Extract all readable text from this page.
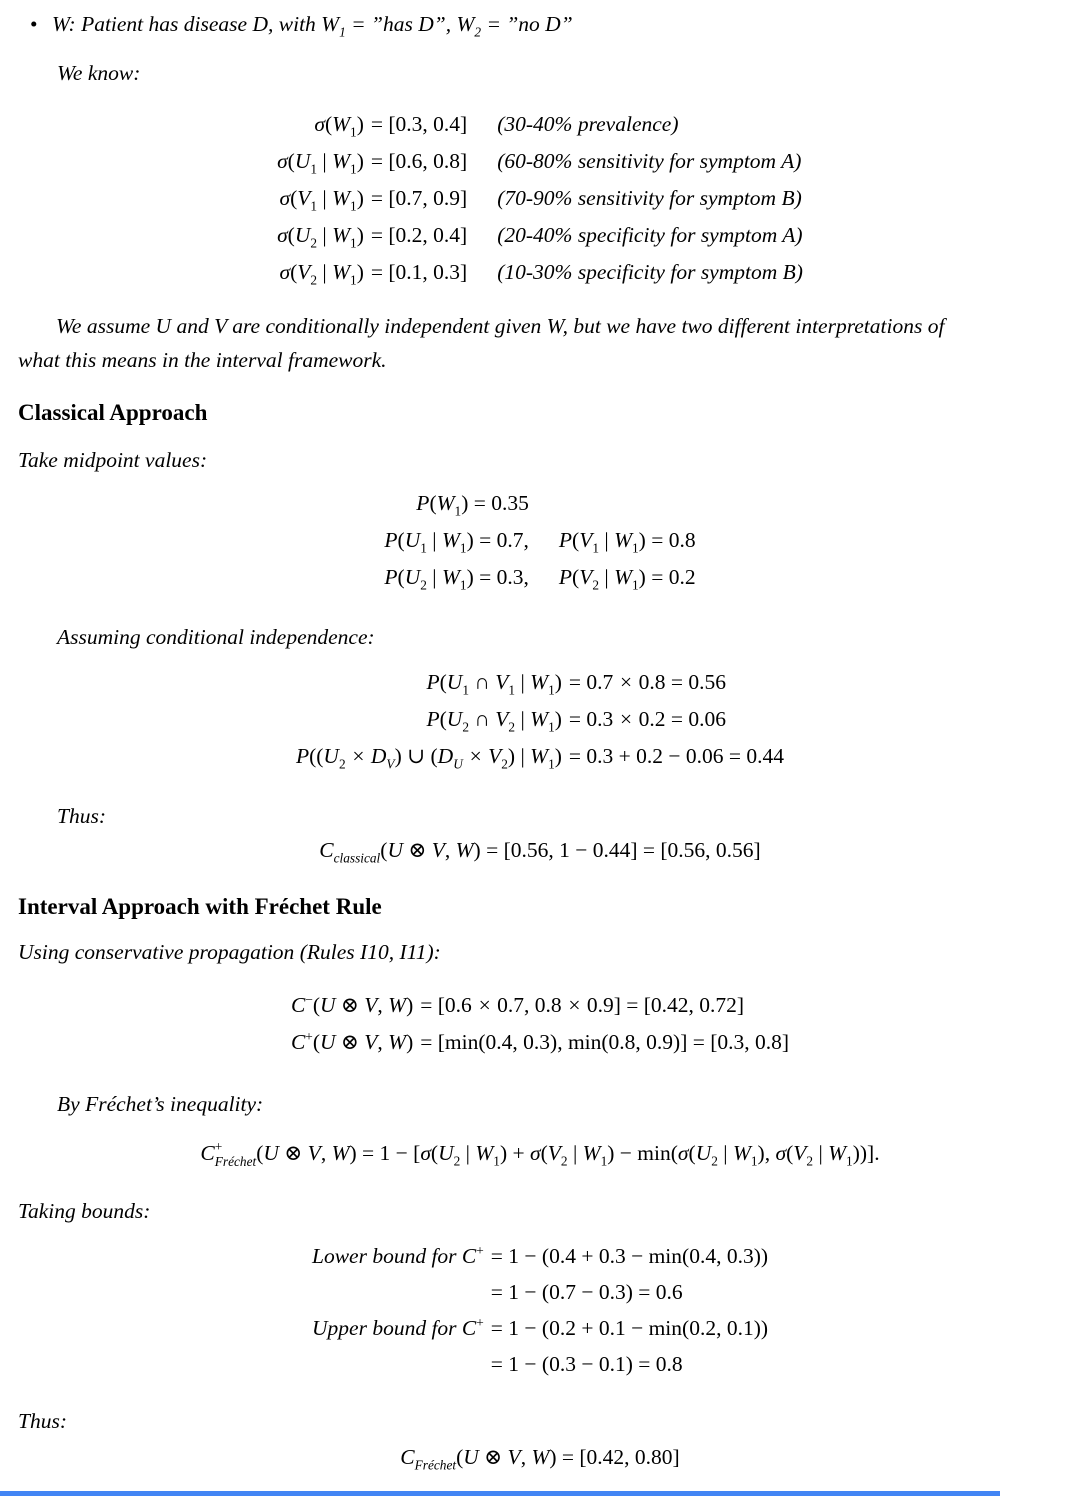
• W: Patient has disease D, with $W_1$ = ”has D”, $W_2$ = ”no D”

We know:

$\sigma(W_1)$	= [0.3, 0.4]	(30-40% prevalence)
$\sigma(U_1$ | $W_1$)	= [0.6, 0.8]	(60-80% sensitivity for symptom A)
$\sigma(V_1$ | $W_1$)	= [0.7, 0.9]	(70-90% sensitivity for symptom B)
$\sigma(U_2$ | $W_1$)	= [0.2, 0.4]	(20-40% specificity for symptom A)
$\sigma(V_2$ | $W_1$)	= [0.1, 0.3]	(10-30% specificity for symptom B)

We assume U and V are conditionally independent given W, but we have two different interpretations of what this means in the interval framework.

Classical Approach

Take midpoint values:

$P(W_1) = 0.35$	
$P(U_1$ | $W_1) = 0.7$,	$P(V_1$ | $W_1) = 0.8$
$P(U_2$ | $W_1) = 0.3$,	$P(V_2$ | $W_1) = 0.2$

Assuming conditional independence:

$P(U_1$ ∩ $V_1$ | $W_1$)	= 0.7 × 0.8 = 0.56
$P(U_2$ ∩ $V_2$ | $W_1$)	= 0.3 × 0.2 = 0.06
$P((U_2 \times D_V)$ ∪ $(D_U \times V_2)$ | $W_1$)	= 0.3 + 0.2 − 0.06 = 0.44

Thus:

$C_{classical}(U$ ⊗ V, W) = [0.56, 1 − 0.44] = [0.56, 0.56]
Interval Approach with Fréchet Rule

Using conservative propagation (Rules I10, I11):

C−(U ⊗ V, W)	= [0.6 × 0.7, 0.8 × 0.9] = [0.42, 0.72]
C+(U ⊗ V, W)	= [min(0.4, 0.3), min(0.8, 0.9)] = [0.3, 0.8]

By Fréchet’s inequality:

C +
Fréchet (U ⊗ V, $W) = 1 - [\sigma(U_2$ | $W_1) + \sigma(V_2$ | $W_1) - \min(\sigma(U_2$ | $W_1$), $\sigma(V_2$ | $W_1$))].

Taking bounds:

Lower bound for C+	= 1 − (0.4 + 0.3 − min(0.4, 0.3))
	= 1 − (0.7 − 0.3) = 0.6
Upper bound for C+	= 1 − (0.2 + 0.1 − min(0.2, 0.1))
	= 1 − (0.3 − 0.1) = 0.8

Thus:

$C_{Fréchet}(U$ ⊗ V, W) = [0.42, 0.80]
